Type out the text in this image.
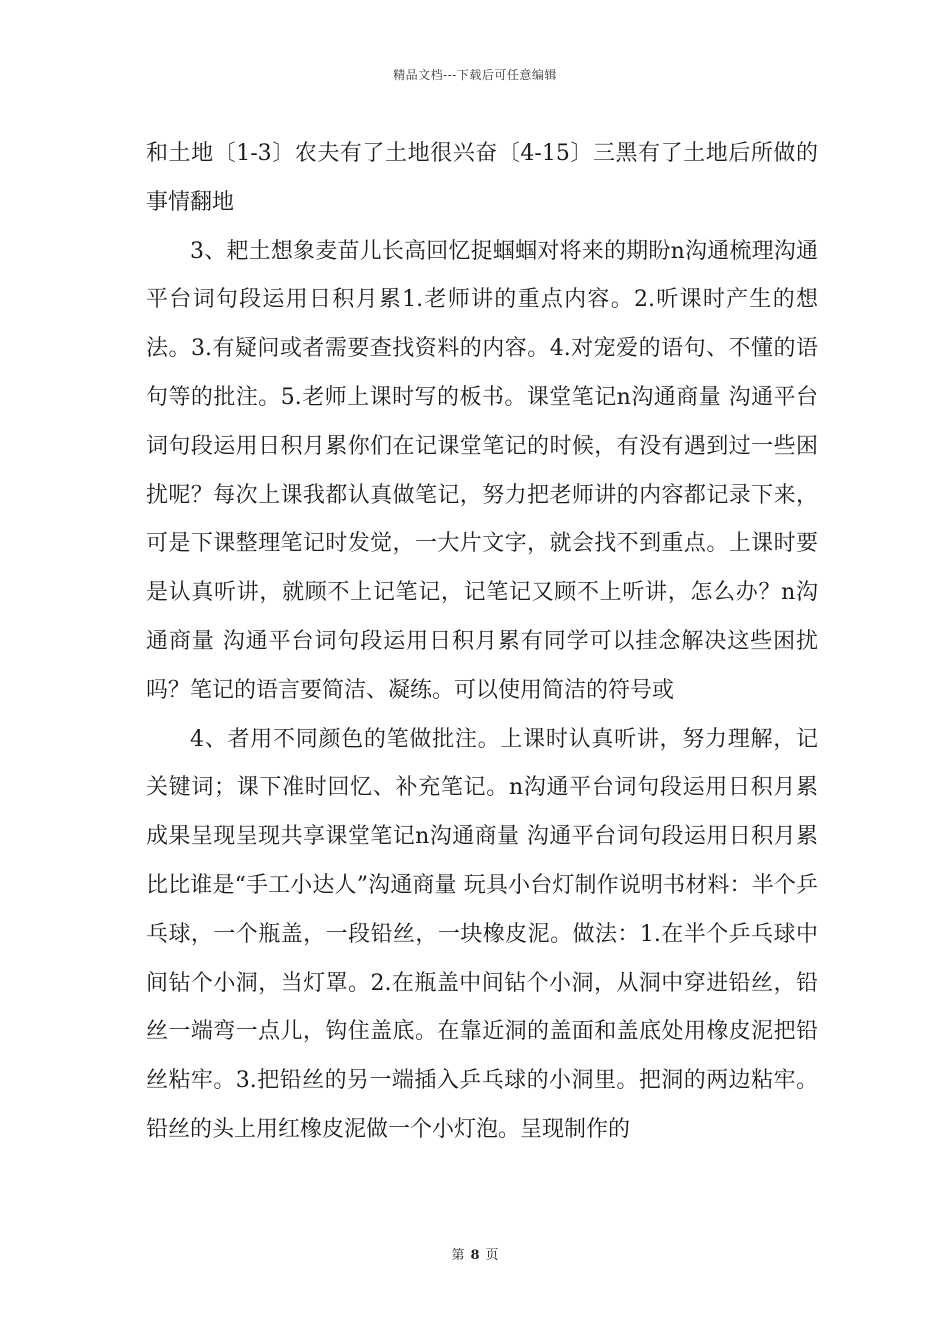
精品文档---下载后可任意编辑

和土地〔1-3〕农夫有了土地很兴奋〔4-15〕三黑有了土地后所做的事情翻地

3、耙土想象麦苗儿长高回忆捉蝈蝈对将来的期盼n沟通梳理沟通平台词句段运用日积月累1.老师讲的重点内容。2.听课时产生的想法。3.有疑问或者需要查找资料的内容。4.对宠爱的语句、不懂的语句等的批注。5.老师上课时写的板书。课堂笔记n沟通商量 沟通平台词句段运用日积月累你们在记课堂笔记的时候，有没有遇到过一些困扰呢？每次上课我都认真做笔记，努力把老师讲的内容都记录下来，可是下课整理笔记时发觉，一大片文字，就会找不到重点。上课时要是认真听讲，就顾不上记笔记，记笔记又顾不上听讲，怎么办？n沟通商量 沟通平台词句段运用日积月累有同学可以挂念解决这些困扰吗？笔记的语言要简洁、凝练。可以使用简洁的符号或

4、者用不同颜色的笔做批注。上课时认真听讲，努力理解，记关键词；课下准时回忆、补充笔记。n沟通平台词句段运用日积月累成果呈现呈现共享课堂笔记n沟通商量 沟通平台词句段运用日积月累比比谁是“手工小达人”沟通商量 玩具小台灯制作说明书材料：半个乒乓球，一个瓶盖，一段铅丝，一块橡皮泥。做法：1.在半个乒乓球中间钻个小洞，当灯罩。2.在瓶盖中间钻个小洞，从洞中穿进铅丝，铅丝一端弯一点儿，钩住盖底。在靠近洞的盖面和盖底处用橡皮泥把铅丝粘牢。3.把铅丝的另一端插入乒乓球的小洞里。把洞的两边粘牢。铅丝的头上用红橡皮泥做一个小灯泡。呈现制作的

第 8 页
